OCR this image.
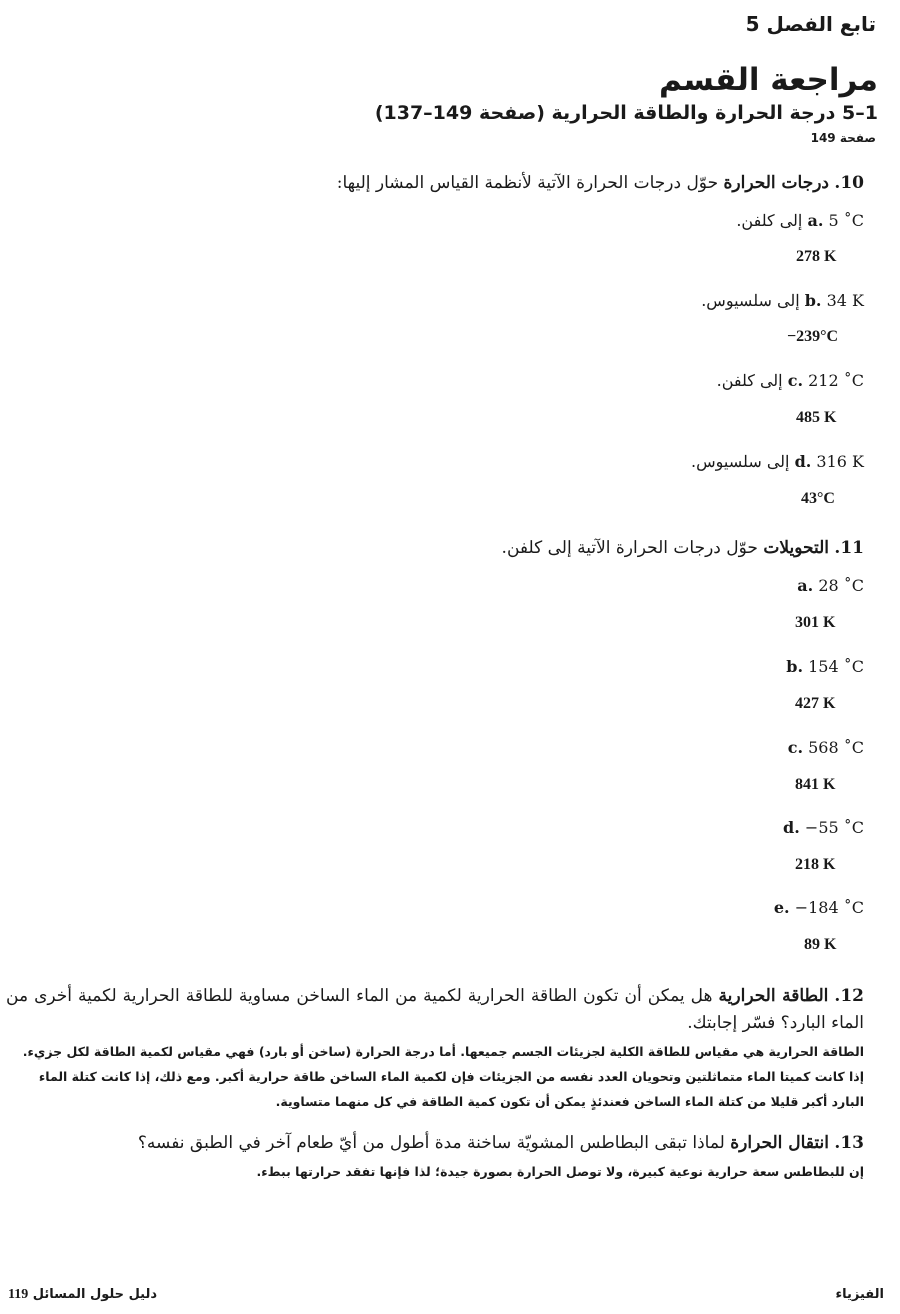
تابع الفصل 5
مراجعة القسم
1–5 درجة الحرارة والطاقة الحرارية (صفحة 149–137)
صفحة 149
10. درجات الحرارة حوّل درجات الحرارة الآتية لأنظمة القياس المشار إليها:
a. 5 ˚C إلى كلفن.
278 K
b. 34 K إلى سلسيوس.
−239°C
c. 212 ˚C إلى كلفن.
485 K
d. 316 K إلى سلسيوس.
43°C
11. التحويلات حوّل درجات الحرارة الآتية إلى كلفن.
a. 28 ˚C
301 K
b. 154 ˚C
427 K
c. 568 ˚C
841 K
d. −55 ˚C
218 K
e. −184 ˚C
89 K
12. الطاقة الحرارية هل يمكن أن تكون الطاقة الحرارية لكمية من الماء الساخن مساوية للطاقة الحرارية لكمية أخرى من الماء البارد؟ فسّر إجابتك.
الطاقة الحرارية هي مقياس للطاقة الكلية لجزيئات الجسم جميعها. أما درجة الحرارة (ساخن أو بارد) فهي مقياس لكمية الطاقة لكل جزيء. إذا كانت كميتا الماء متماثلتين وتحويان العدد نفسه من الجزيئات فإن لكمية الماء الساخن طاقة حرارية أكبر. ومع ذلك، إذا كانت كتلة الماء البارد أكبر قليلا من كتلة الماء الساخن فعندئذٍ يمكن أن تكون كمية الطاقة في كل منهما متساوية.
13. انتقال الحرارة لماذا تبقى البطاطس المشويّة ساخنة مدة أطول من أيّ طعام آخر في الطبق نفسه؟
إن للبطاطس سعة حرارية نوعية كبيرة، ولا توصل الحرارة بصورة جيدة؛ لذا فإنها تفقد حرارتها ببطء.
الفيزياء
119 دليل حلول المسائل
